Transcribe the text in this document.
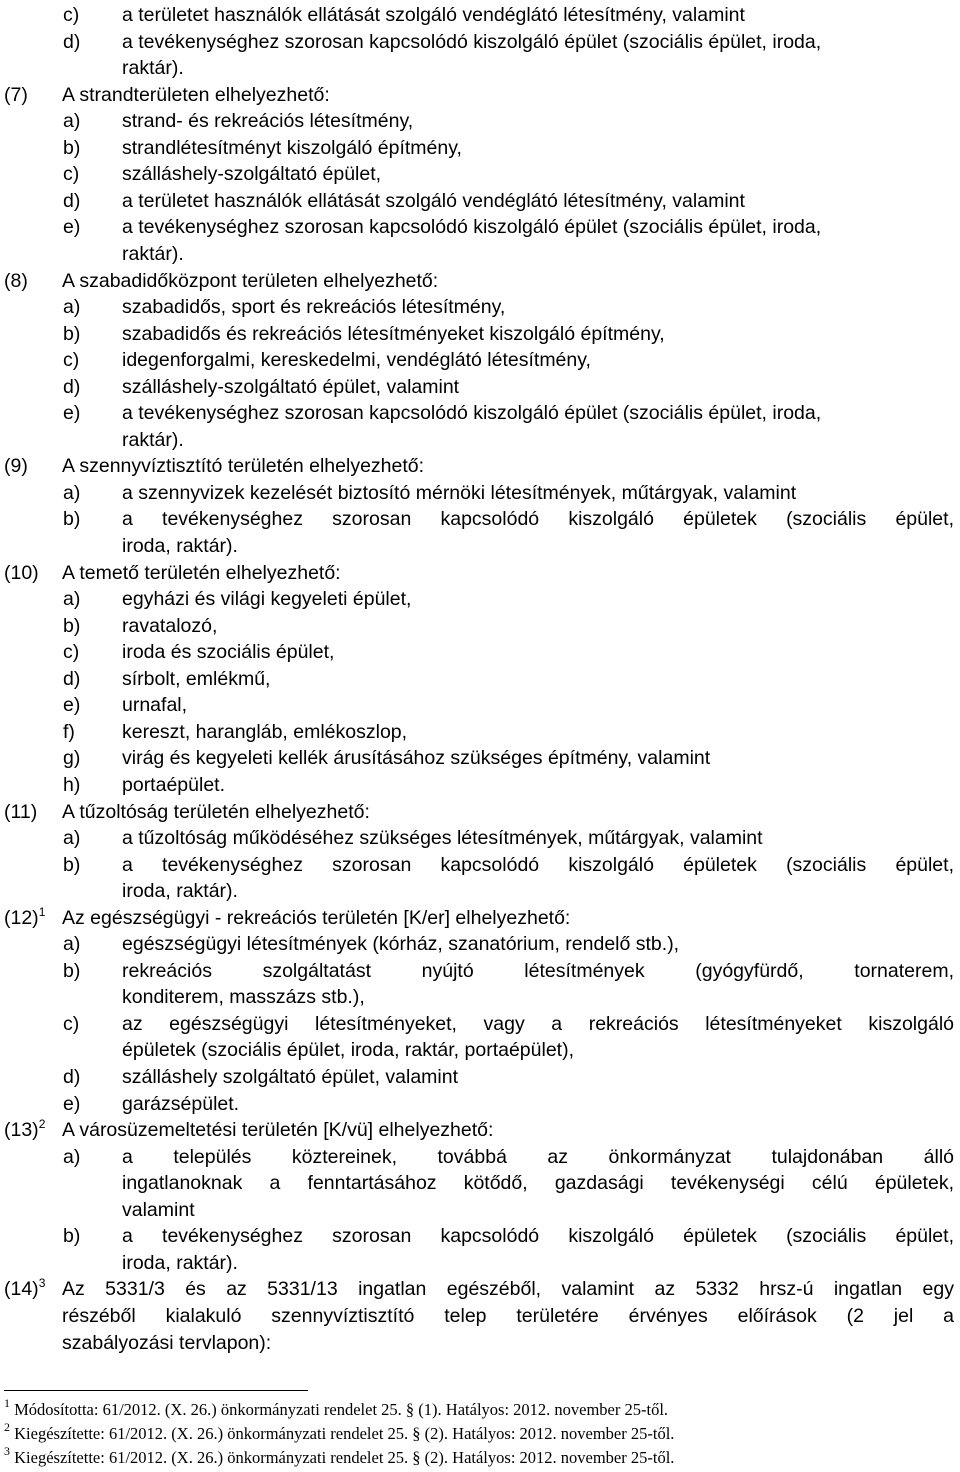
c) a területet használók ellátását szolgáló vendéglátó létesítmény, valamint
d) a tevékenységhez szorosan kapcsolódó kiszolgáló épület (szociális épület, iroda,
raktár).
(7) A strandterületen elhelyezhető:
a) strand- és rekreációs létesítmény,
b) strandlétesítményt kiszolgáló építmény,
c) szálláshely-szolgáltató épület,
d) a területet használók ellátását szolgáló vendéglátó létesítmény, valamint
e) a tevékenységhez szorosan kapcsolódó kiszolgáló épület (szociális épület, iroda,
raktár).
(8) A szabadidőközpont területen elhelyezhető:
a) szabadidős, sport és rekreációs létesítmény,
b) szabadidős és rekreációs létesítményeket kiszolgáló építmény,
c) idegenforgalmi, kereskedelmi, vendéglátó létesítmény,
d) szálláshely-szolgáltató épület, valamint
e) a tevékenységhez szorosan kapcsolódó kiszolgáló épület (szociális épület, iroda,
raktár).
(9) A szennyvíztisztító területén elhelyezhető:
a) a szennyvizek kezelését biztosító mérnöki létesítmények, műtárgyak, valamint
b) a tevékenységhez szorosan kapcsolódó kiszolgáló épületek (szociális épület,
iroda, raktár).
(10) A temető területén elhelyezhető:
a) egyházi és világi kegyeleti épület,
b) ravatalozó,
c) iroda és szociális épület,
d) sírbolt, emlékmű,
e) urnafal,
f) kereszt, harangláb, emlékoszlop,
g) virág és kegyeleti kellék árusításához szükséges építmény, valamint
h) portaépület.
(11) A tűzoltóság területén elhelyezhető:
a) a tűzoltóság működéséhez szükséges létesítmények, műtárgyak, valamint
b) a tevékenységhez szorosan kapcsolódó kiszolgáló épületek (szociális épület,
iroda, raktár).
$(12)^1$ Az egészségügyi - rekreációs területén [K/er] elhelyezhető:
a) egészségügyi létesítmények (kórház, szanatórium, rendelő stb.),
b) rekreációs szolgáltatást nyújtó létesítmények (gyógyfürdő, tornaterem,
konditerem, masszázs stb.),
c) az egészségügyi létesítményeket, vagy a rekreációs létesítményeket kiszolgáló
épületek (szociális épület, iroda, raktár, portaépület),
d) szálláshely szolgáltató épület, valamint
e) garázsépület.
$(13)^2$ A városüzemeltetési területén [K/vü] elhelyezhető:
a) a település köztereinek, továbbá az önkormányzat tulajdonában álló
ingatlanoknak a fenntartásához kötődő, gazdasági tevékenységi célú épületek,
valamint
b) a tevékenységhez szorosan kapcsolódó kiszolgáló épületek (szociális épület,
iroda, raktár).
$(14)^3$ Az 5331/3 és az 5331/13 ingatlan egészéből, valamint az 5332 hrsz-ú ingatlan egy
részéből kialakuló szennyvíztisztító telep területére érvényes előírások (2 jel a
szabályozási tervlapon):
$^1$ Módosította: 61/2012. (X. 26.) önkormányzati rendelet 25. § (1). Hatályos: 2012. november 25-től.
$^2$ Kiegészítette: 61/2012. (X. 26.) önkormányzati rendelet 25. § (2). Hatályos: 2012. november 25-től.
$^3$ Kiegészítette: 61/2012. (X. 26.) önkormányzati rendelet 25. § (2). Hatályos: 2012. november 25-től.
